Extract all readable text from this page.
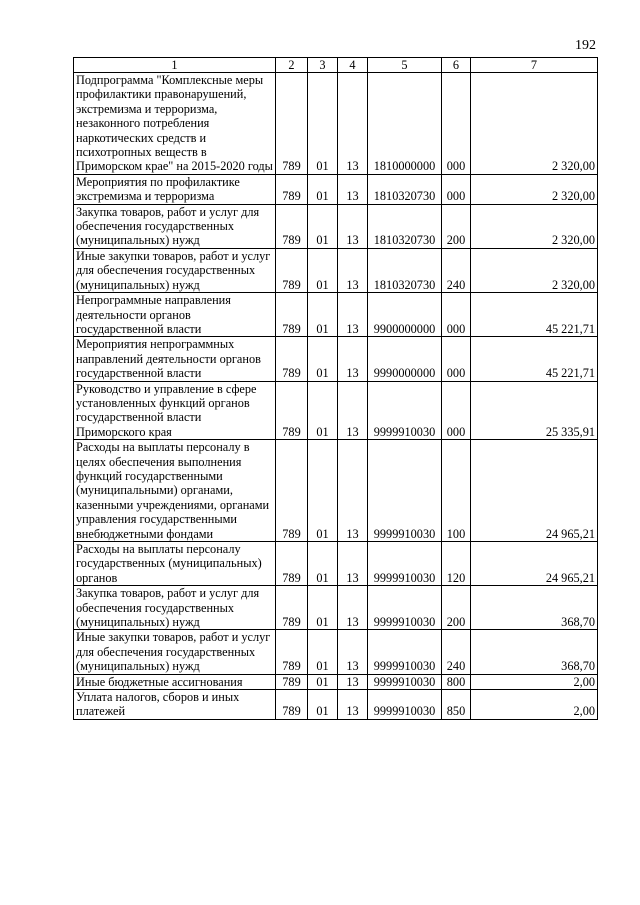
192
1	2	3	4	5	6	7
Подпрограмма "Комплексные меры профилактики правонарушений, экстремизма и терроризма, незаконного потребления наркотических средств и психотропных веществ в Приморском крае" на 2015-2020 годы	789	01	13	1810000000	000	2 320,00
Мероприятия по профилактике экстремизма и терроризма	789	01	13	1810320730	000	2 320,00
Закупка товаров, работ и услуг для обеспечения государственных (муниципальных) нужд	789	01	13	1810320730	200	2 320,00
Иные закупки товаров, работ и услуг для обеспечения государственных (муниципальных) нужд	789	01	13	1810320730	240	2 320,00
Непрограммные направления деятельности органов государственной власти	789	01	13	9900000000	000	45 221,71
Мероприятия непрограммных направлений деятельности органов государственной власти	789	01	13	9990000000	000	45 221,71
Руководство и управление в сфере установленных функций органов государственной власти Приморского края	789	01	13	9999910030	000	25 335,91
Расходы на выплаты персоналу в целях обеспечения выполнения функций государственными (муниципальными) органами, казенными учреждениями, органами управления государственными внебюджетными фондами	789	01	13	9999910030	100	24 965,21
Расходы на выплаты персоналу государственных (муниципальных) органов	789	01	13	9999910030	120	24 965,21
Закупка товаров, работ и услуг для обеспечения государственных (муниципальных) нужд	789	01	13	9999910030	200	368,70
Иные закупки товаров, работ и услуг для обеспечения государственных (муниципальных) нужд	789	01	13	9999910030	240	368,70
Иные бюджетные ассигнования	789	01	13	9999910030	800	2,00
Уплата налогов, сборов и иных платежей	789	01	13	9999910030	850	2,00
